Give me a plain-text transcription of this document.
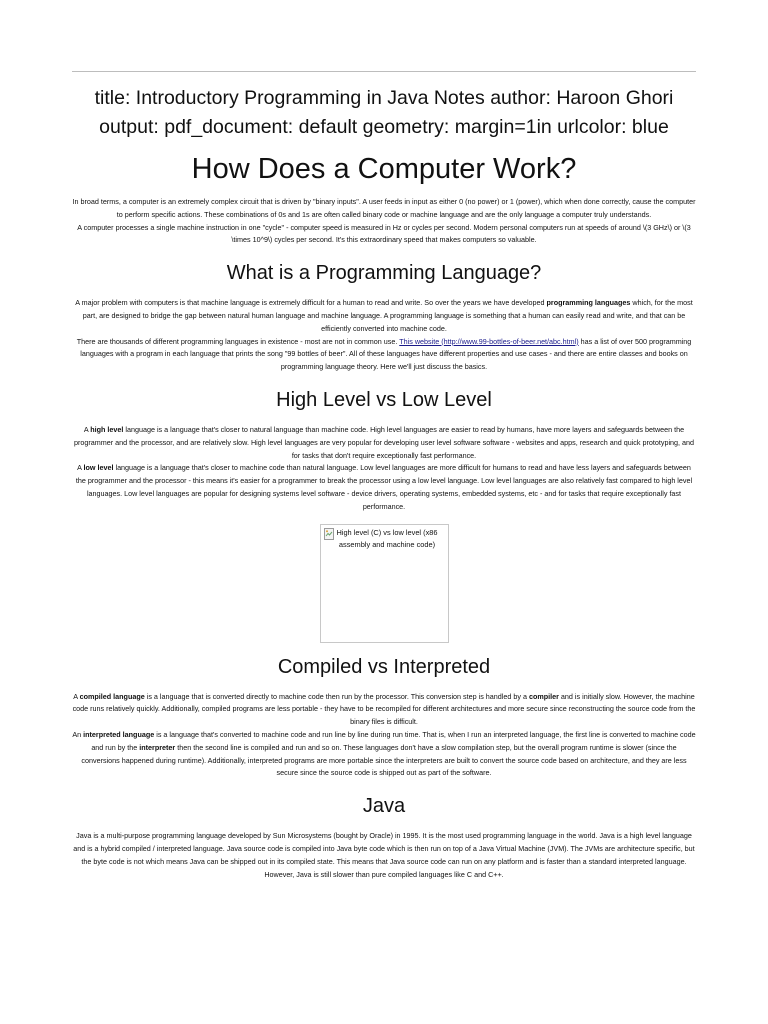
title: Introductory Programming in Java Notes author: Haroon Ghori output: pdf_document: default geometry: margin=1in urlcolor: blue
How Does a Computer Work?

In broad terms, a computer is an extremely complex circuit that is driven by "binary inputs". A user feeds in input as either 0 (no power) or 1 (power), which when done correctly, cause the computer to perform specific actions. These combinations of 0s and 1s are often called binary code or machine language and are the only language a computer truly understands.

A computer processes a single machine instruction in one "cycle" - computer speed is measured in Hz or cycles per second. Modern personal computers run at speeds of around \(3 GHz\) or \(3 \times 10^9\) cycles per second. It's this extraordinary speed that makes computers so valuable.

What is a Programming Language?

A major problem with computers is that machine language is extremely difficult for a human to read and write. So over the years we have developed programming languages which, for the most part, are designed to bridge the gap between natural human language and machine language. A programming language is something that a human can easily read and write, and that can be efficiently converted into machine code.

There are thousands of different programming languages in existence - most are not in common use. This website (http://www.99-bottles-of-beer.net/abc.html) has a list of over 500 programming languages with a program in each language that prints the song "99 bottles of beer". All of these languages have different properties and use cases - and there are entire classes and books on programming language theory. Here we'll just discuss the basics.

High Level vs Low Level

A high level language is a language that's closer to natural language than machine code. High level languages are easier to read by humans, have more layers and safeguards between the programmer and the processor, and are relatively slow. High level languages are very popular for developing user level software software - websites and apps, research and quick prototyping, and for tasks that don't require exceptionally fast performance.

A low level language is a language that's closer to machine code than natural language. Low level languages are more difficult for humans to read and have less layers and safeguards between the programmer and the processor - this means it's easier for a programmer to break the processor using a low level language. Low level languages are also relatively fast compared to high level languages. Low level languages are popular for designing systems level software - device drivers, operating systems, embedded systems, etc - and for tasks that require exceptionally fast performance.

High level (C) vs low level (x86 assembly and machine code)
Compiled vs Interpreted

A compiled language is a language that is converted directly to machine code then run by the processor. This conversion step is handled by a compiler and is initially slow. However, the machine code runs relatively quickly. Additionally, compiled programs are less portable - they have to be recompiled for different architectures and more secure since reconstructing the source code from the binary files is difficult.

An interpreted language is a language that's converted to machine code and run line by line during run time. That is, when I run an interpreted language, the first line is converted to machine code and run by the interpreter then the second line is compiled and run and so on. These languages don't have a slow compilation step, but the overall program runtime is slower (since the conversions happened during runtime). Additionally, interpreted programs are more portable since the interpreters are built to convert the source code based on architecture, and they are less secure since the source code is shipped out as part of the software.

Java

Java is a multi-purpose programming language developed by Sun Microsystems (bought by Oracle) in 1995. It is the most used programming language in the world. Java is a high level language and is a hybrid compiled / interpreted language. Java source code is compiled into Java byte code which is then run on top of a Java Virtual Machine (JVM). The JVMs are architecture specific, but the byte code is not which means Java can be shipped out in its compiled state. This means that Java source code can run on any platform and is faster than a standard interpreted language. However, Java is still slower than pure compiled languages like C and C++.
